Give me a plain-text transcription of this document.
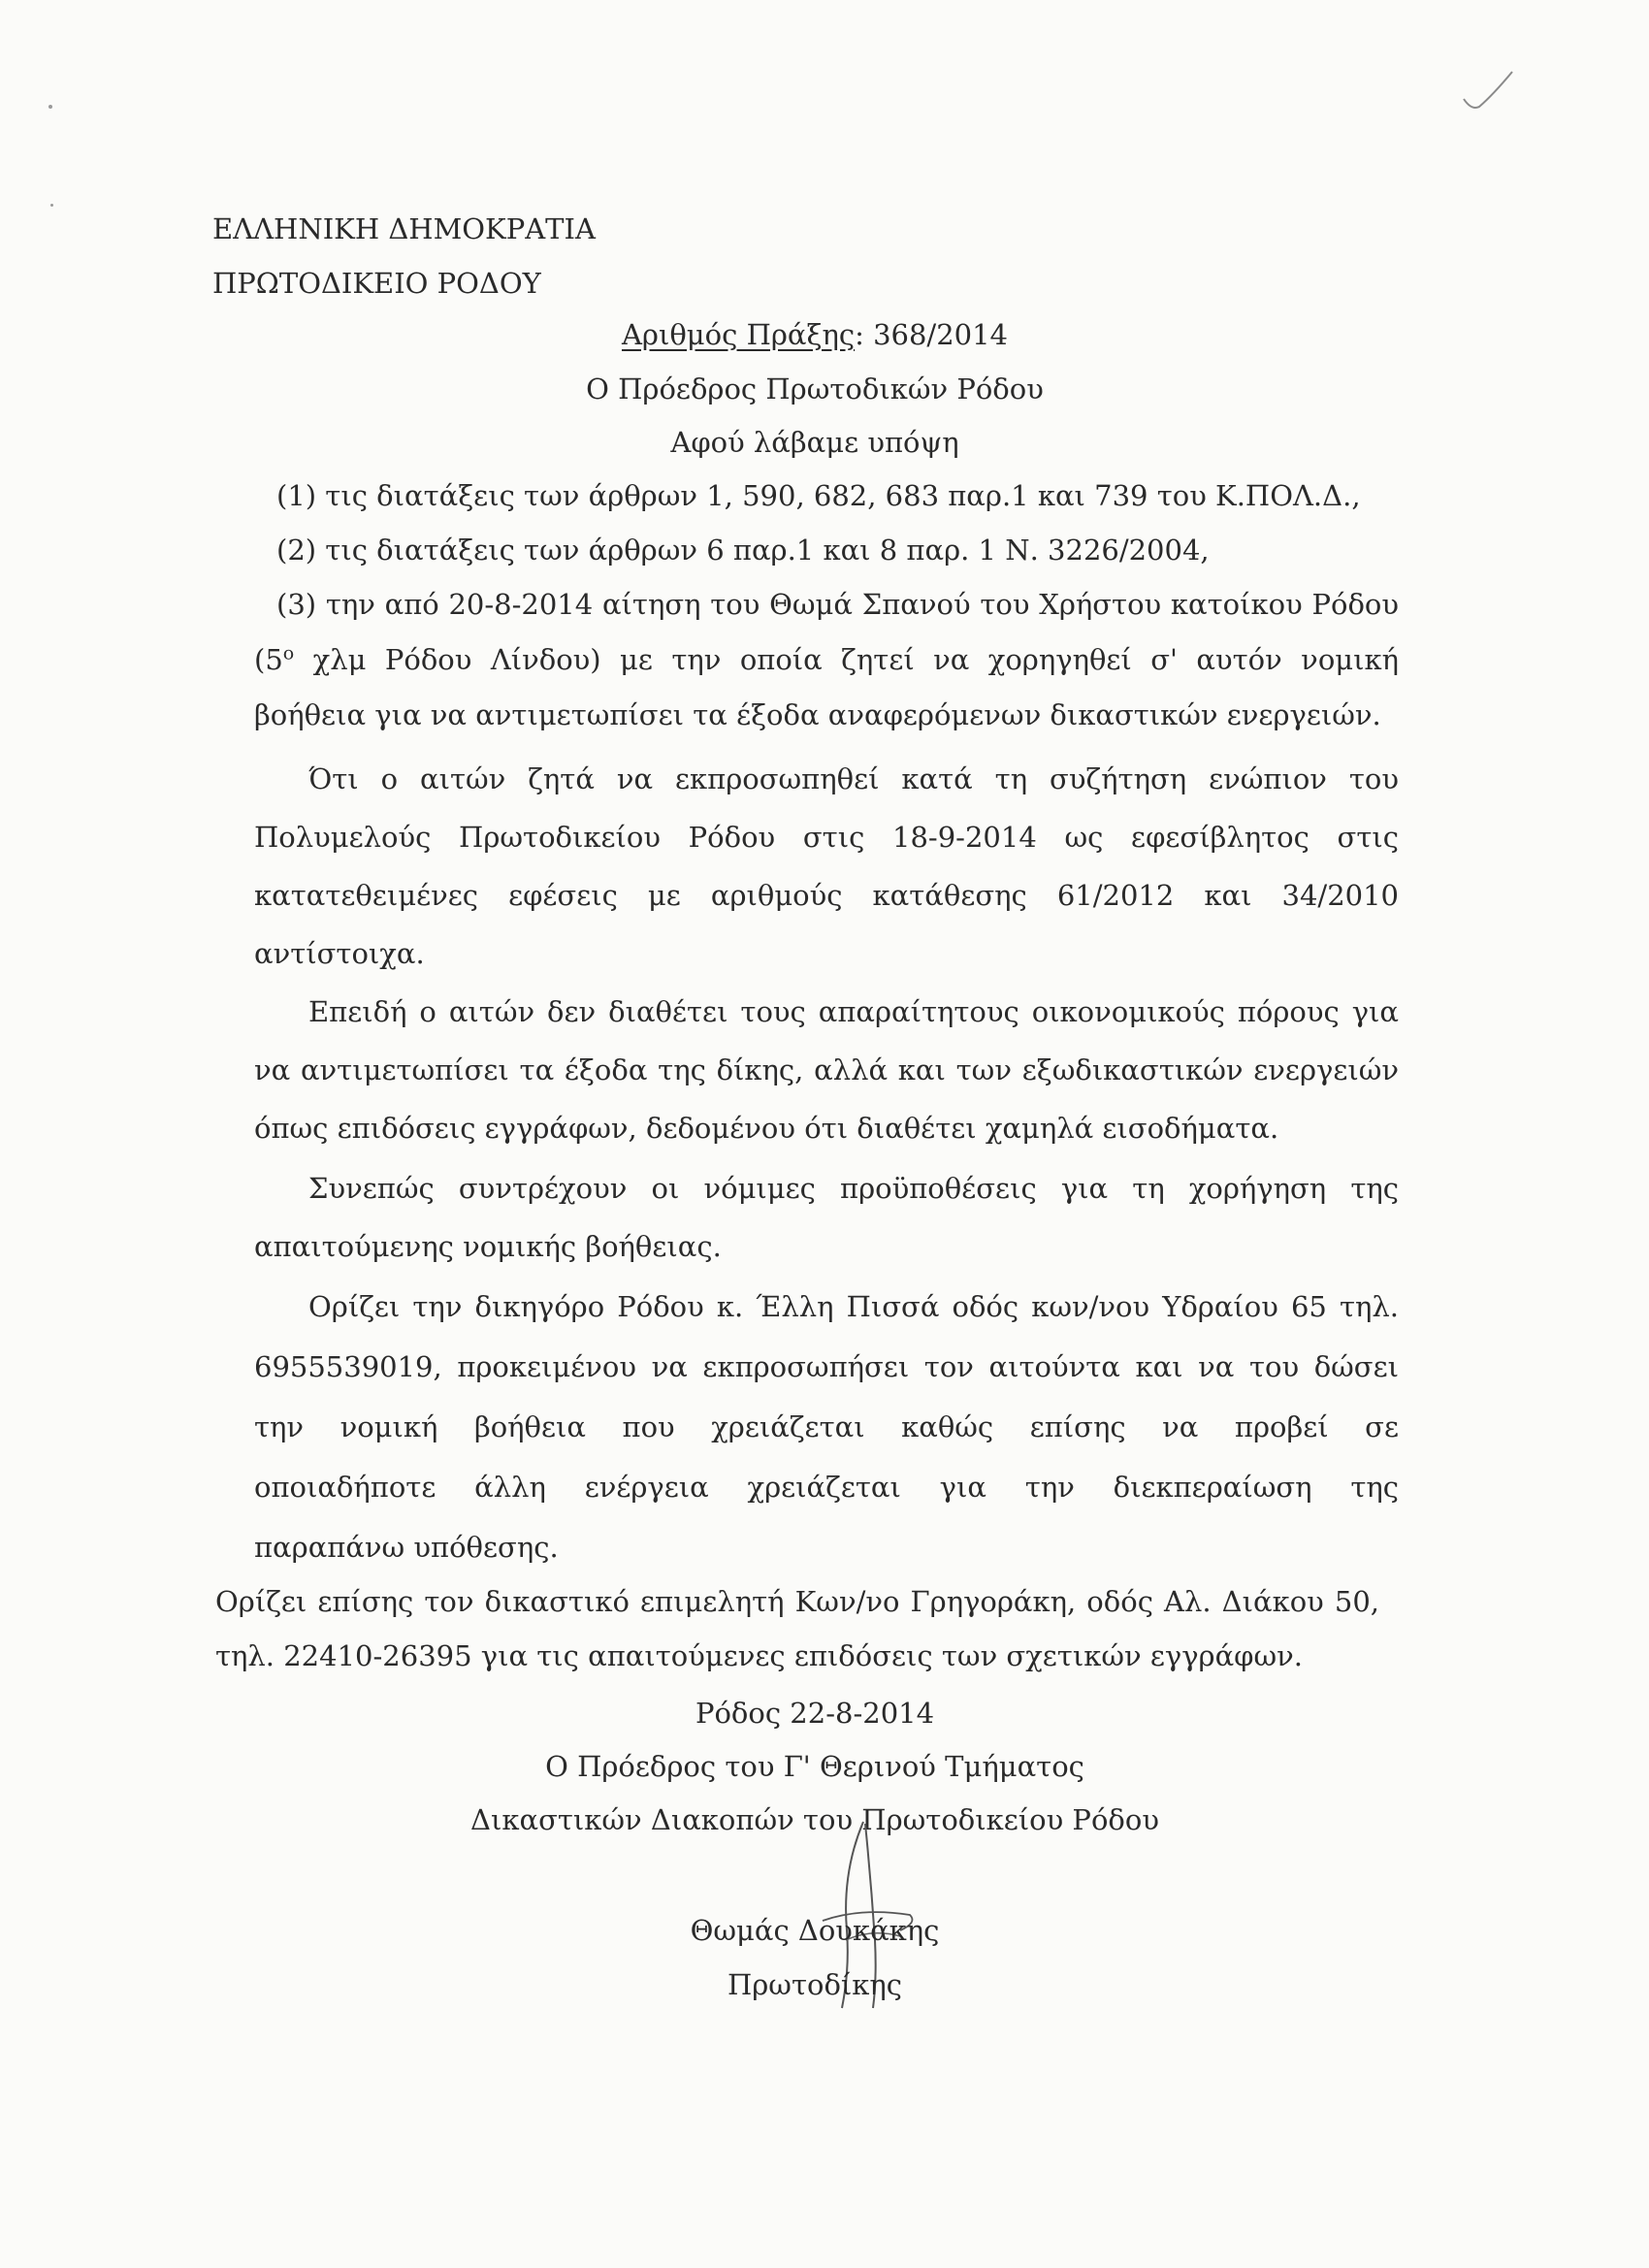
ΕΛΛΗΝΙΚΗ ΔΗΜΟΚΡΑΤΙΑ

ΠΡΩΤΟΔΙΚΕΙΟ ΡΟΔΟΥ

Αριθμός Πράξης: 368/2014

Ο Πρόεδρος Πρωτοδικών Ρόδου

Αφού λάβαμε υπόψη

(1) τις διατάξεις των άρθρων 1, 590, 682, 683 παρ.1 και 739 του Κ.ΠΟΛ.Δ.,

(2) τις διατάξεις των άρθρων 6 παρ.1 και 8 παρ. 1 Ν. 3226/2004,

(3) την από 20-8-2014 αίτηση του Θωμά Σπανού του Χρήστου κατοίκου Ρόδου

($5^o$ χλμ Ρόδου Λίνδου) με την οποία ζητεί να χορηγηθεί σ' αυτόν νομική

βοήθεια για να αντιμετωπίσει τα έξοδα αναφερόμενων δικαστικών ενεργειών.

Ότι ο αιτών ζητά να εκπροσωπηθεί κατά τη συζήτηση ενώπιον του

Πολυμελούς Πρωτοδικείου Ρόδου στις 18-9-2014 ως εφεσίβλητος στις

κατατεθειμένες εφέσεις με αριθμούς κατάθεσης 61/2012 και 34/2010

αντίστοιχα.

Επειδή ο αιτών δεν διαθέτει τους απαραίτητους οικονομικούς πόρους για

να αντιμετωπίσει τα έξοδα της δίκης, αλλά και των εξωδικαστικών ενεργειών

όπως επιδόσεις εγγράφων, δεδομένου ότι διαθέτει χαμηλά εισοδήματα.

Συνεπώς συντρέχουν οι νόμιμες προϋποθέσεις για τη χορήγηση της

απαιτούμενης νομικής βοήθειας.

Ορίζει την δικηγόρο Ρόδου κ. Έλλη Πισσά οδός κων/νου Υδραίου 65 τηλ.

6955539019, προκειμένου να εκπροσωπήσει τον αιτούντα και να του δώσει

την νομική βοήθεια που χρειάζεται καθώς επίσης να προβεί σε

οποιαδήποτε άλλη ενέργεια χρειάζεται για την διεκπεραίωση της

παραπάνω υπόθεσης.

Ορίζει επίσης τον δικαστικό επιμελητή Κων/νο Γρηγοράκη, οδός Αλ. Διάκου 50,

τηλ. 22410-26395 για τις απαιτούμενες επιδόσεις των σχετικών εγγράφων.

Ρόδος 22-8-2014

Ο Πρόεδρος του Γ' Θερινού Τμήματος

Δικαστικών Διακοπών του Πρωτοδικείου Ρόδου

Θωμάς Δουκάκης

Πρωτοδίκης
